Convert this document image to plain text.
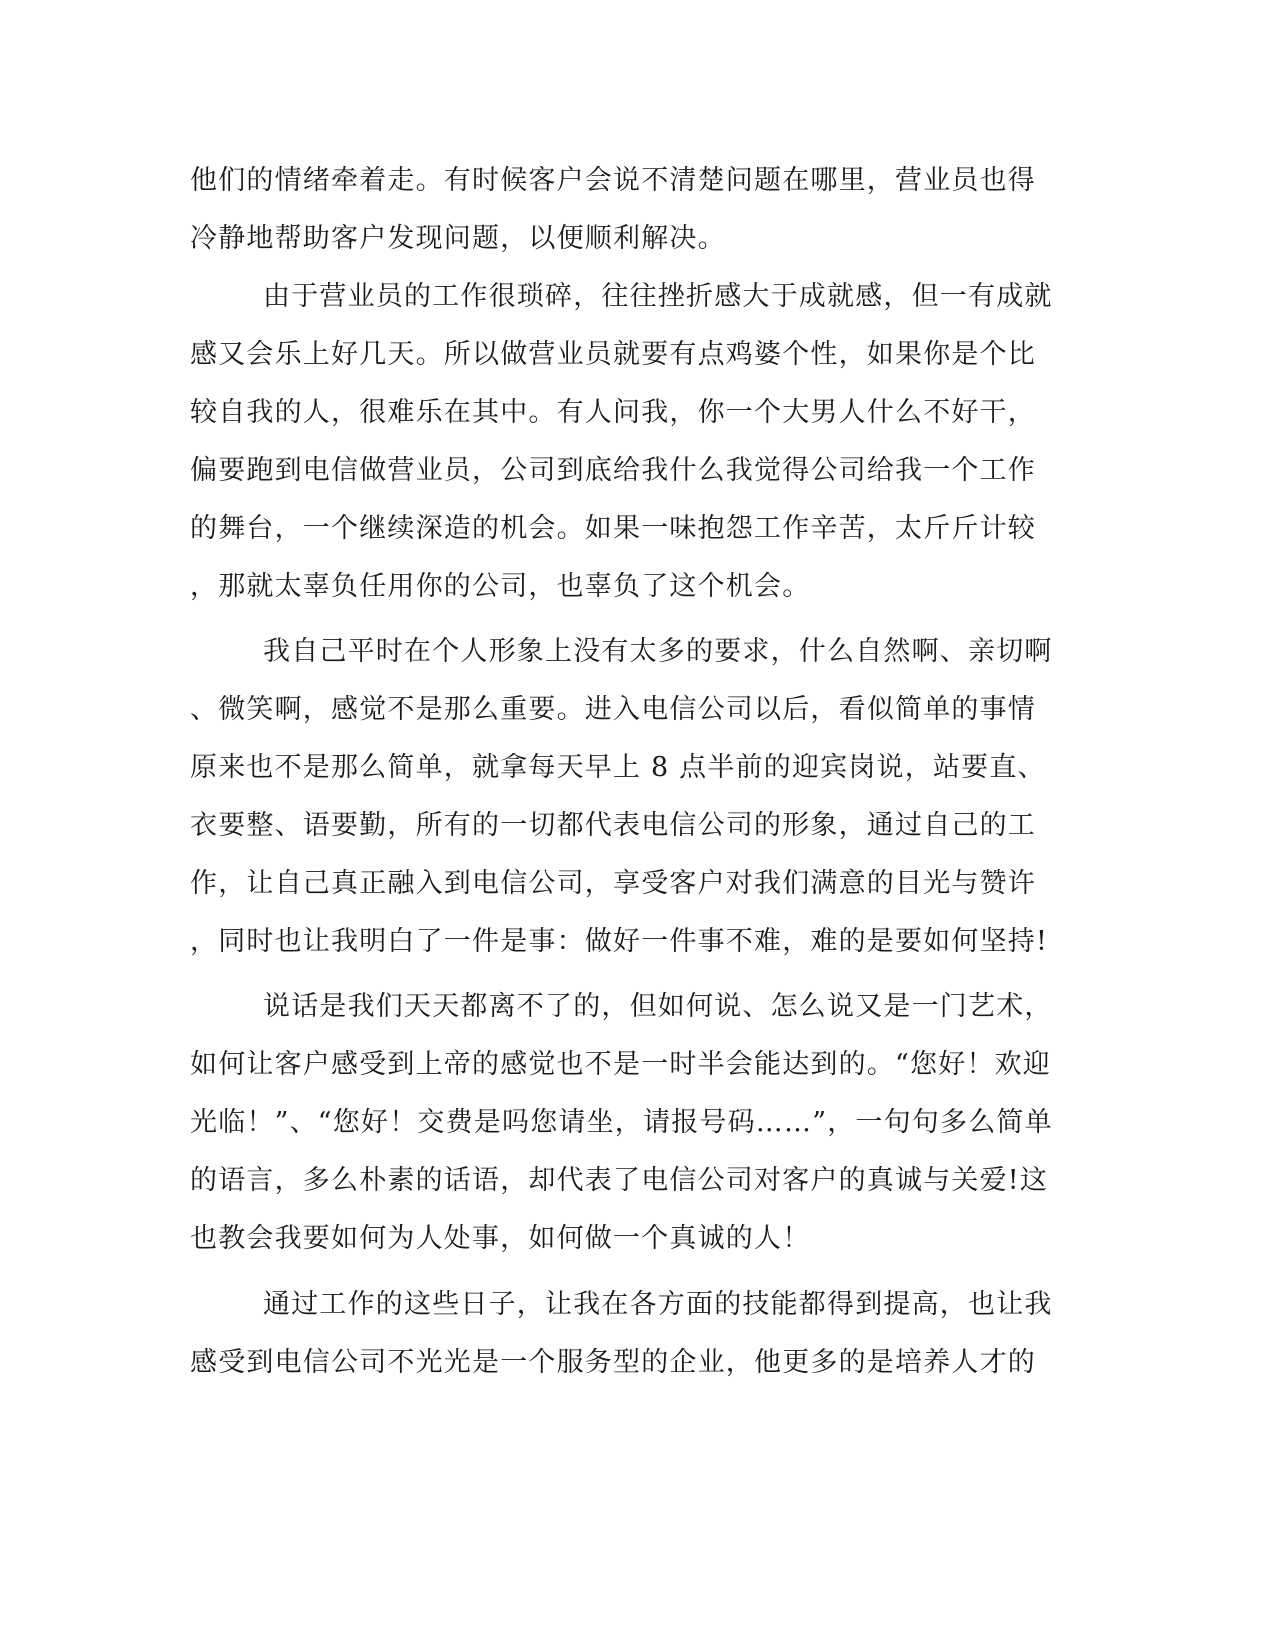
他们的情绪牵着走。有时候客户会说不清楚问题在哪里，营业员也得
冷静地帮助客户发现问题，以便顺利解决。
由于营业员的工作很琐碎，往往挫折感大于成就感，但一有成就
感又会乐上好几天。所以做营业员就要有点鸡婆个性，如果你是个比
较自我的人，很难乐在其中。有人问我，你一个大男人什么不好干，
偏要跑到电信做营业员，公司到底给我什么我觉得公司给我一个工作
的舞台，一个继续深造的机会。如果一味抱怨工作辛苦，太斤斤计较
，那就太辜负任用你的公司，也辜负了这个机会。
我自己平时在个人形象上没有太多的要求，什么自然啊、亲切啊
、微笑啊，感觉不是那么重要。进入电信公司以后，看似简单的事情
原来也不是那么简单，就拿每天早上 8 点半前的迎宾岗说，站要直、
衣要整、语要勤，所有的一切都代表电信公司的形象，通过自己的工
作，让自己真正融入到电信公司，享受客户对我们满意的目光与赞许
，同时也让我明白了一件是事：做好一件事不难，难的是要如何坚持!
说话是我们天天都离不了的，但如何说、怎么说又是一门艺术，
如何让客户感受到上帝的感觉也不是一时半会能达到的。“您好！欢迎
光临！”、“您好！交费是吗您请坐，请报号码……”，一句句多么简单
的语言，多么朴素的话语，却代表了电信公司对客户的真诚与关爱!这
也教会我要如何为人处事，如何做一个真诚的人！
通过工作的这些日子，让我在各方面的技能都得到提高，也让我
感受到电信公司不光光是一个服务型的企业，他更多的是培养人才的
